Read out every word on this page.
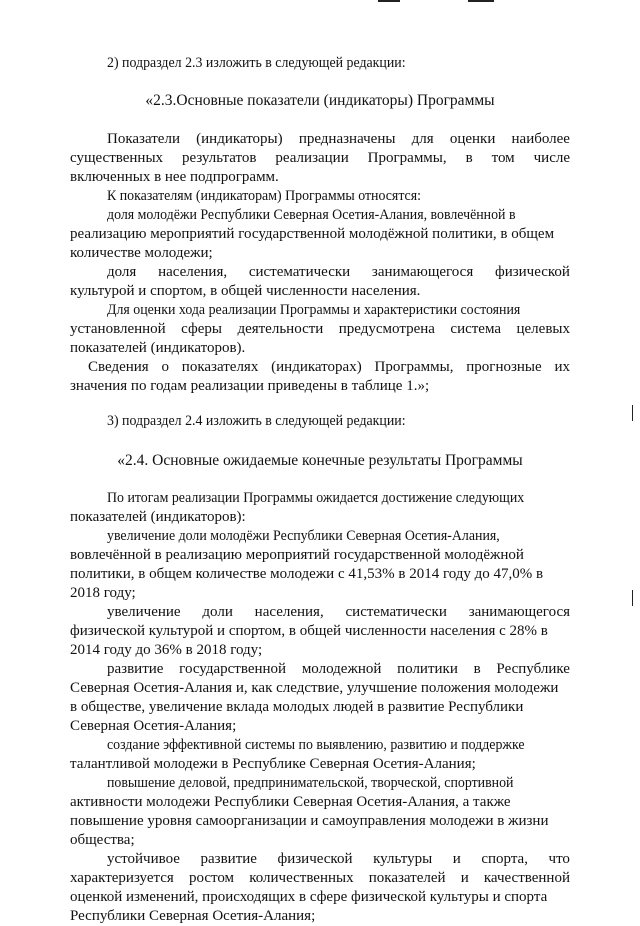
2) подраздел 2.3 изложить в следующей редакции:
«2.3.Основные показатели (индикаторы) Программы
Показатели (индикаторы) предназначены для оценки наиболее
существенных результатов реализации Программы, в том числе
включенных в нее подпрограмм.
К показателям (индикаторам) Программы относятся:
доля молодёжи Республики Северная Осетия-Алания, вовлечённой в
реализацию мероприятий государственной молодёжной политики, в общем
количестве молодежи;
доля населения, систематически занимающегося физической
культурой и спортом, в общей численности населения.
Для оценки хода реализации Программы и характеристики состояния
установленной сферы деятельности предусмотрена система целевых
показателей (индикаторов).
Сведения о показателях (индикаторах) Программы, прогнозные их
значения по годам реализации приведены в таблице 1.»;
3) подраздел 2.4 изложить в следующей редакции:
«2.4. Основные ожидаемые конечные результаты Программы
По итогам реализации Программы ожидается достижение следующих
показателей (индикаторов):
увеличение доли молодёжи Республики Северная Осетия-Алания,
вовлечённой в реализацию мероприятий государственной молодёжной
политики, в общем количестве молодежи с 41,53% в 2014 году до 47,0% в
2018 году;
увеличение доли населения, систематически занимающегося
физической культурой и спортом, в общей численности населения с 28% в
2014 году до 36% в 2018 году;
развитие государственной молодежной политики в Республике
Северная Осетия-Алания и, как следствие, улучшение положения молодежи
в обществе, увеличение вклада молодых людей в развитие Республики
Северная Осетия-Алания;
создание эффективной системы по выявлению, развитию и поддержке
талантливой молодежи в Республике Северная Осетия-Алания;
повышение деловой, предпринимательской, творческой, спортивной
активности молодежи Республики Северная Осетия-Алания, а также
повышение уровня самоорганизации и самоуправления молодежи в жизни
общества;
устойчивое развитие физической культуры и спорта, что
характеризуется ростом количественных показателей и качественной
оценкой изменений, происходящих в сфере физической культуры и спорта
Республики Северная Осетия-Алания;
